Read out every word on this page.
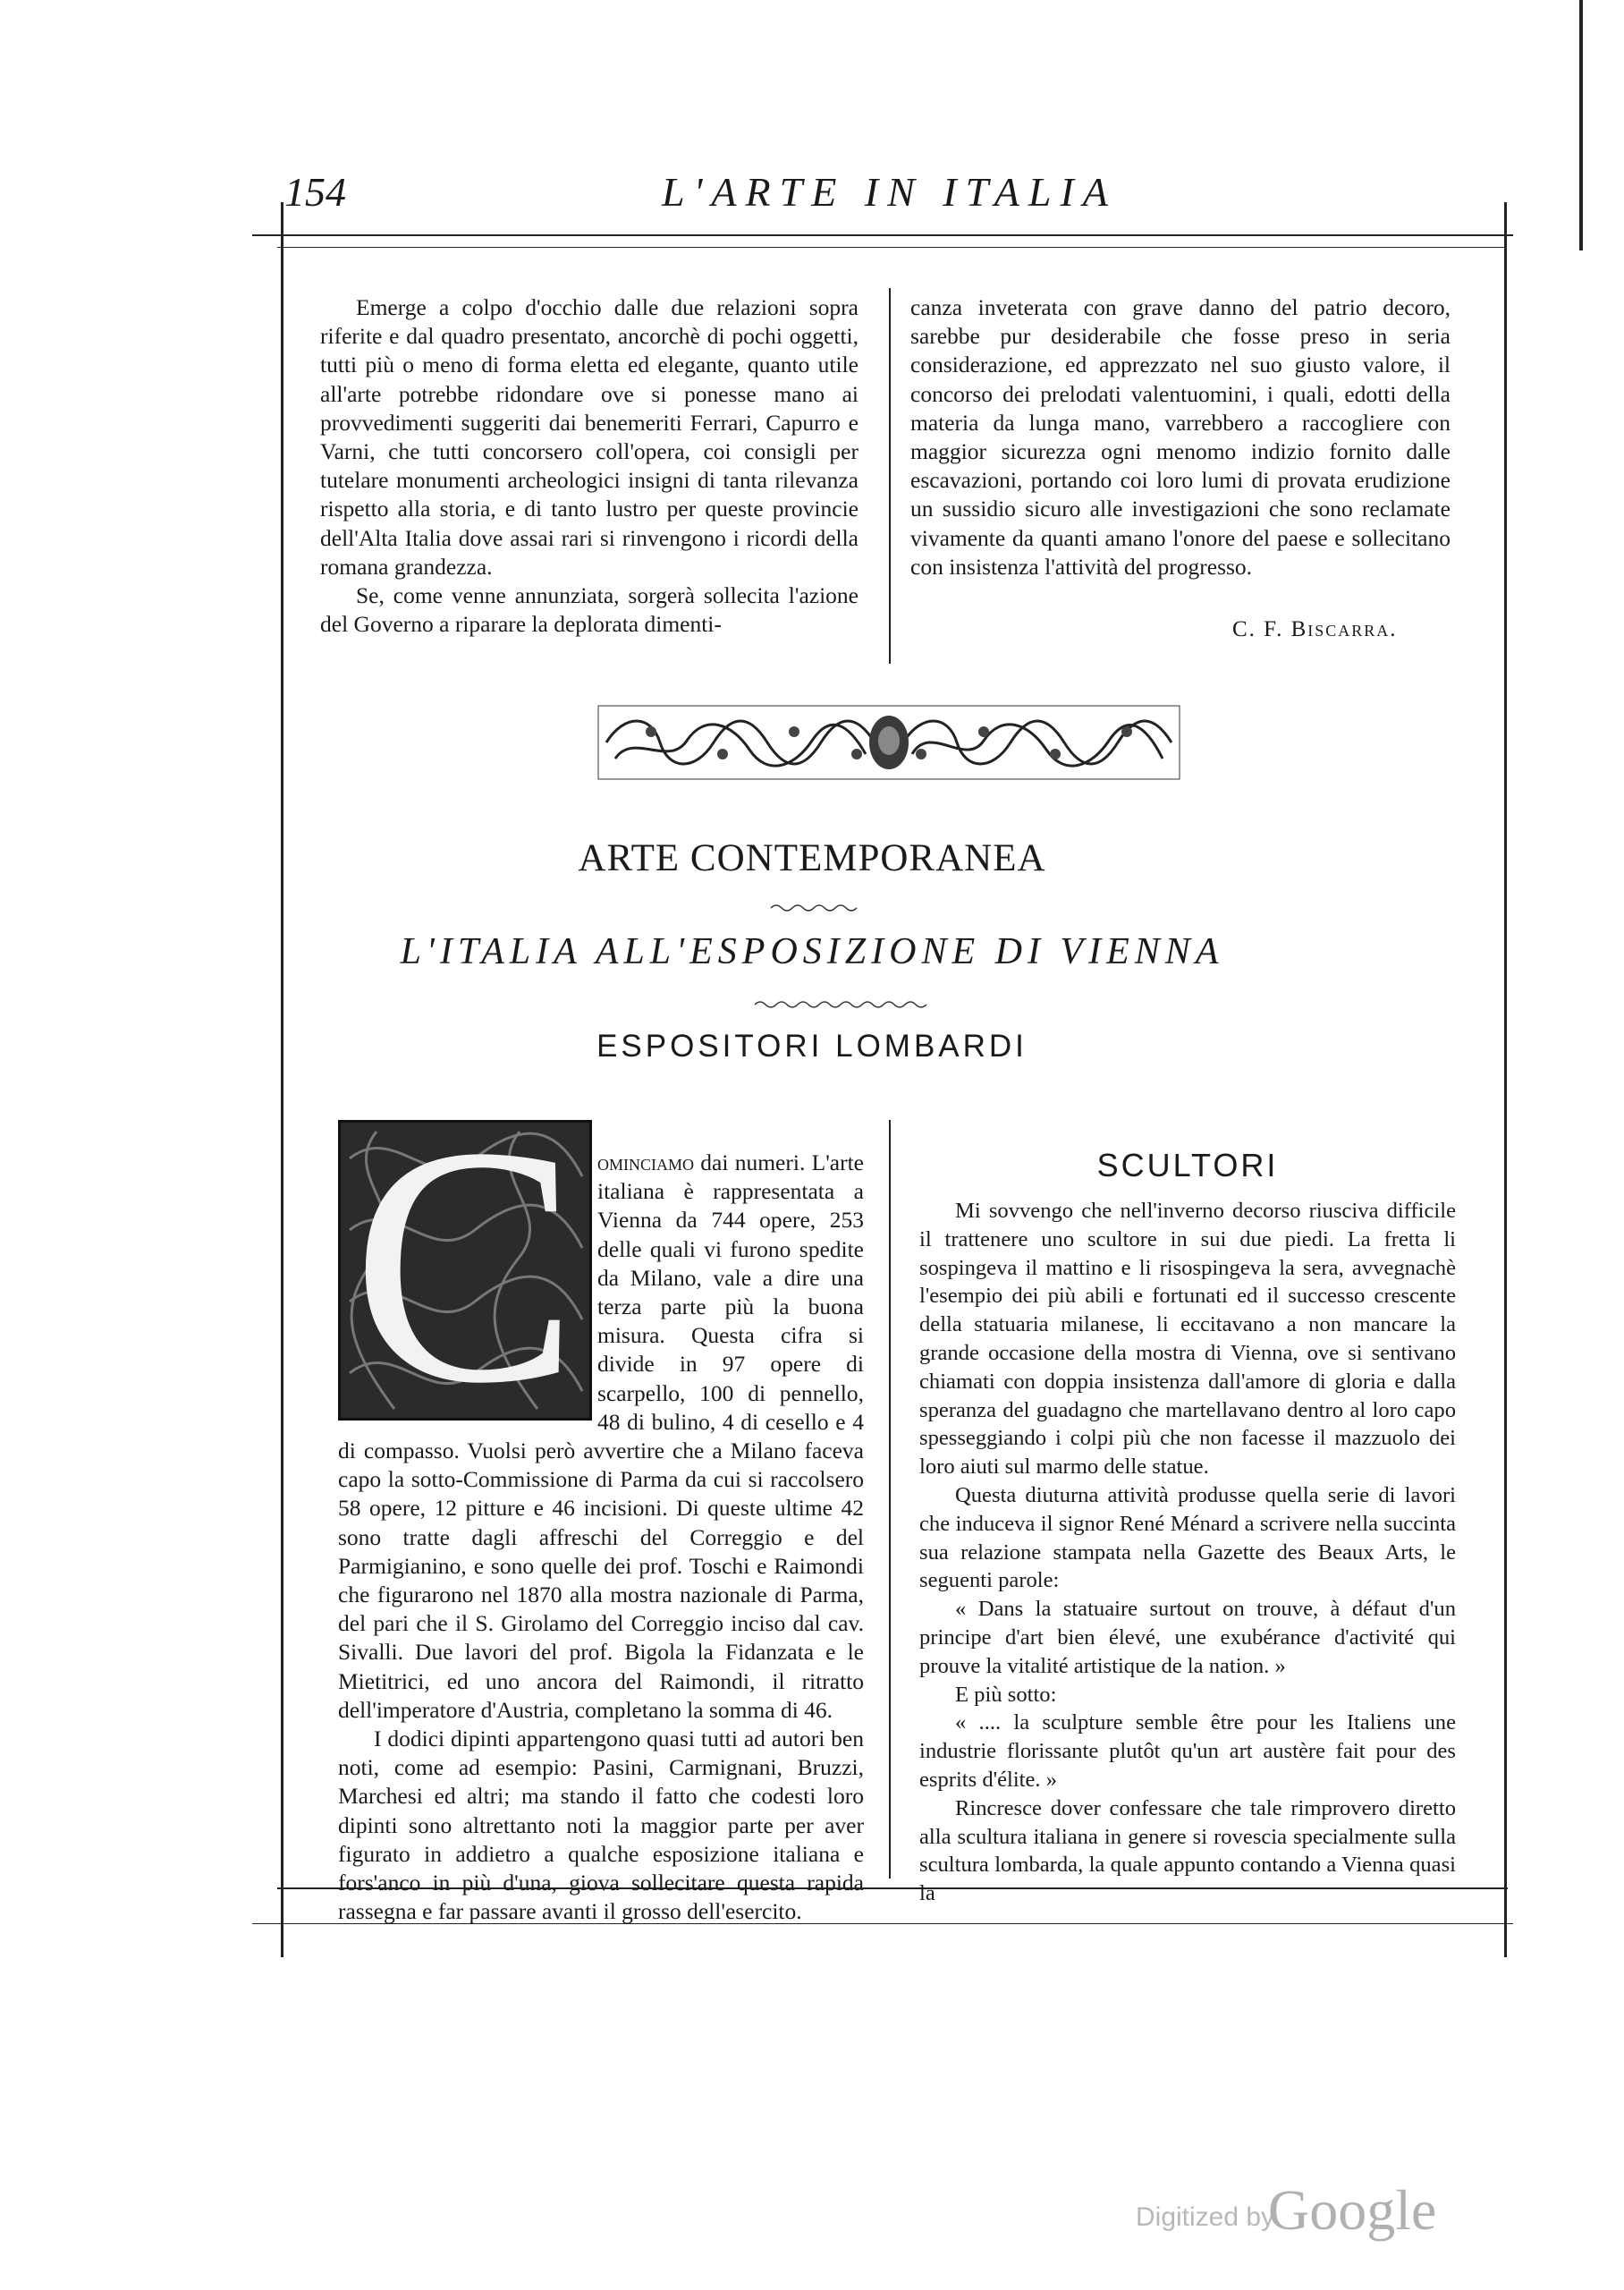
154	L'ARTE IN ITALIA

Emerge a colpo d'occhio dalle due relazioni sopra riferite e dal quadro presentato, ancorchè di pochi oggetti, tutti più o meno di forma eletta ed elegante, quanto utile all'arte potrebbe ridondare ove si ponesse mano ai provvedimenti suggeriti dai benemeriti Ferrari, Capurro e Varni, che tutti concorsero coll'opera, coi consigli per tutelare monumenti archeologici insigni di tanta rilevanza rispetto alla storia, e di tanto lustro per queste provincie dell'Alta Italia dove assai rari si rinvengono i ricordi della romana grandezza.

Se, come venne annunziata, sorgerà sollecita l'azione del Governo a riparare la deplorata dimenti-

canza inveterata con grave danno del patrio decoro, sarebbe pur desiderabile che fosse preso in seria considerazione, ed apprezzato nel suo giusto valore, il concorso dei prelodati valentuomini, i quali, edotti della materia da lunga mano, varrebbero a raccogliere con maggior sicurezza ogni menomo indizio fornito dalle escavazioni, portando coi loro lumi di provata erudizione un sussidio sicuro alle investigazioni che sono reclamate vivamente da quanti amano l'onore del paese e sollecitano con insistenza l'attività del progresso.

C. F. Biscarra.
ARTE CONTEMPORANEA
L'ITALIA ALL'ESPOSIZIONE DI VIENNA
ESPOSITORI LOMBARDI
C ominciamo dai numeri. L'arte italiana è rappresentata a Vienna da 744 opere, 253 delle quali vi furono spedite da Milano, vale a dire una terza parte più la buona misura. Questa cifra si divide in 97 opere di scarpello, 100 di pennello, 48 di bulino, 4 di cesello e 4 di compasso. Vuolsi però avvertire che a Milano faceva capo la sotto-Commissione di Parma da cui si raccolsero 58 opere, 12 pitture e 46 incisioni. Di queste ultime 42 sono tratte dagli affreschi del Correggio e del Parmigianino, e sono quelle dei prof. Toschi e Raimondi che figurarono nel 1870 alla mostra nazionale di Parma, del pari che il S. Girolamo del Correggio inciso dal cav. Sivalli. Due lavori del prof. Bigola la Fidanzata e le Mietitrici, ed uno ancora del Raimondi, il ritratto dell'imperatore d'Austria, completano la somma di 46.

I dodici dipinti appartengono quasi tutti ad autori ben noti, come ad esempio: Pasini, Carmignani, Bruzzi, Marchesi ed altri; ma stando il fatto che codesti loro dipinti sono altrettanto noti la maggior parte per aver figurato in addietro a qualche esposizione italiana e fors'anco in più d'una, giova sollecitare questa rapida rassegna e far passare avanti il grosso dell'esercito.

SCULTORI

Mi sovvengo che nell'inverno decorso riusciva difficile il trattenere uno scultore in sui due piedi. La fretta li sospingeva il mattino e li risospingeva la sera, avvegnachè l'esempio dei più abili e fortunati ed il successo crescente della statuaria milanese, li eccitavano a non mancare la grande occasione della mostra di Vienna, ove si sentivano chiamati con doppia insistenza dall'amore di gloria e dalla speranza del guadagno che martellavano dentro al loro capo spesseggiando i colpi più che non facesse il mazzuolo dei loro aiuti sul marmo delle statue.

Questa diuturna attività produsse quella serie di lavori che induceva il signor René Ménard a scrivere nella succinta sua relazione stampata nella Gazette des Beaux Arts, le seguenti parole:

« Dans la statuaire surtout on trouve, à défaut d'un principe d'art bien élevé, une exubérance d'activité qui prouve la vitalité artistique de la nation. »

E più sotto:

« .... la sculpture semble être pour les Italiens une industrie florissante plutôt qu'un art austère fait pour des esprits d'élite. »

Rincresce dover confessare che tale rimprovero diretto alla scultura italiana in genere si rovescia specialmente sulla scultura lombarda, la quale appunto contando a Vienna quasi la

Digitized by
Google
